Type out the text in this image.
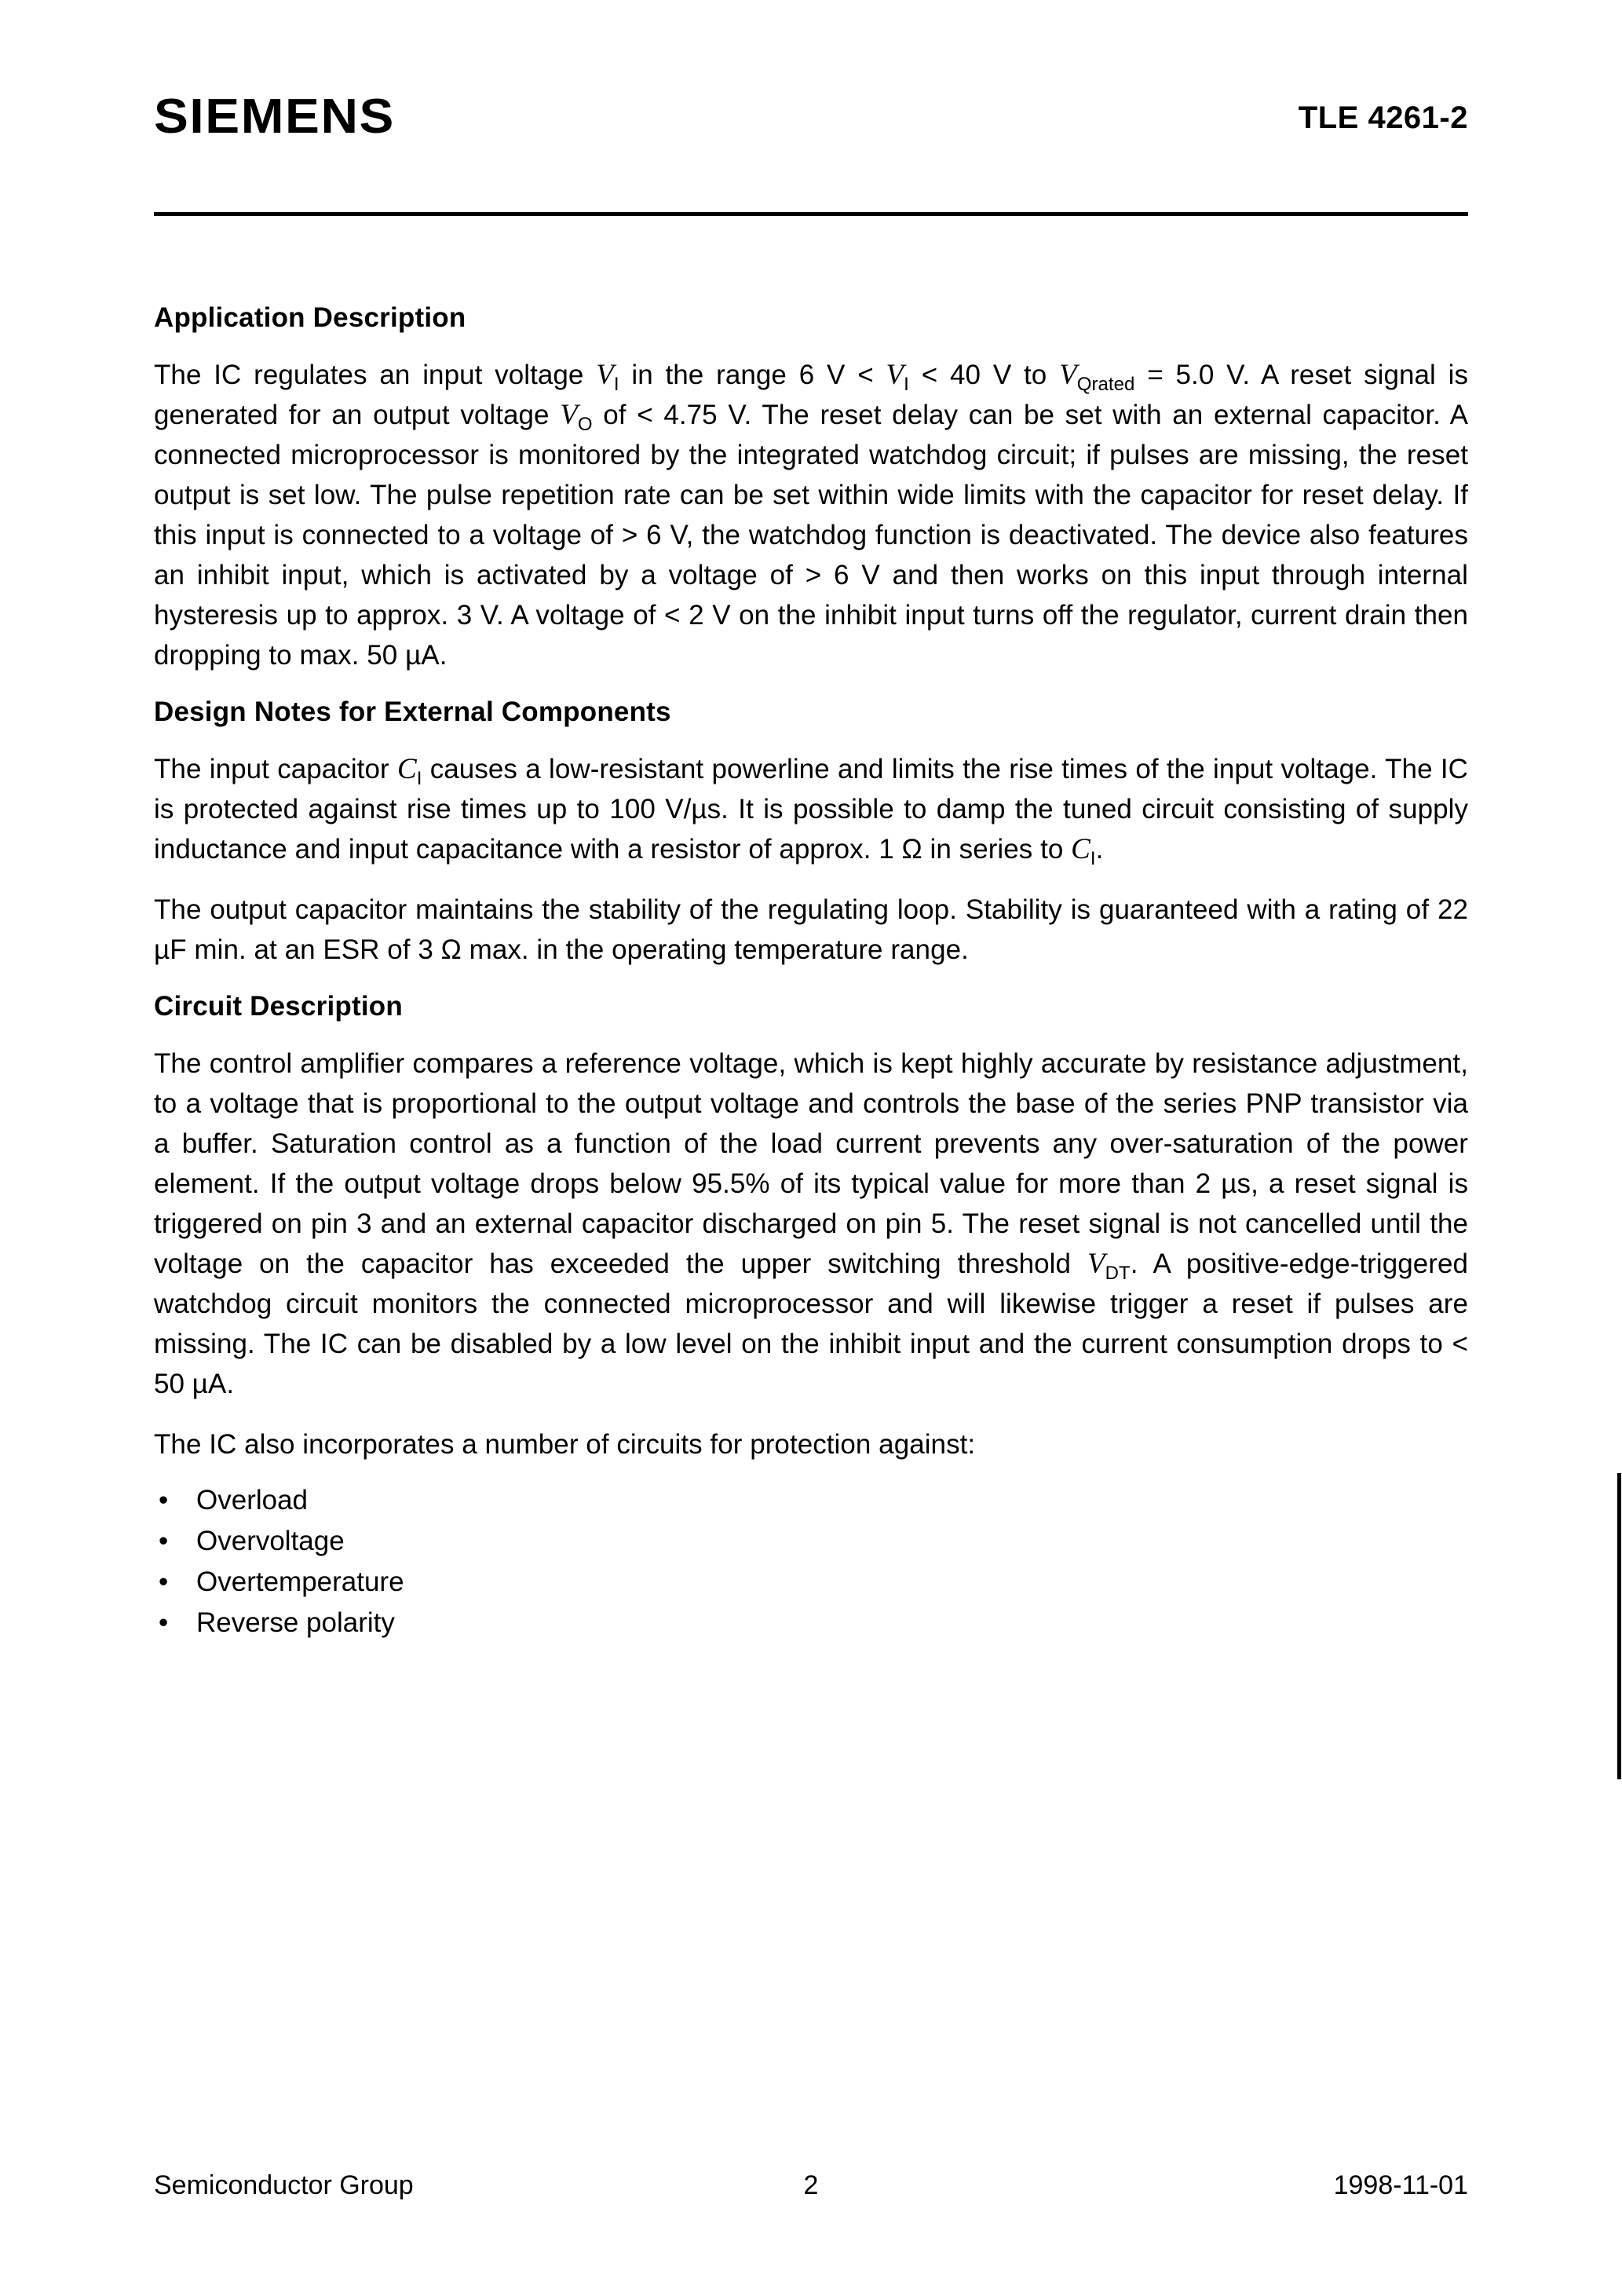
SIEMENS	TLE 4261-2
Application Description

The IC regulates an input voltage $V_I$ in the range 6 $V < V_I < 40$ V to $V_{Qrated} = 5.0$ V. A reset signal is generated for an output voltage $V_O$ of < 4.75 V. The reset delay can be set with an external capacitor. A connected microprocessor is monitored by the integrated watchdog circuit; if pulses are missing, the reset output is set low. The pulse repetition rate can be set within wide limits with the capacitor for reset delay. If this input is connected to a voltage of > 6 V, the watchdog function is deactivated. The device also features an inhibit input, which is activated by a voltage of > 6 V and then works on this input through internal hysteresis up to approx. 3 V. A voltage of < 2 V on the inhibit input turns off the regulator, current drain then dropping to max. 50 µA.

Design Notes for External Components

The input capacitor $C_I$ causes a low-resistant powerline and limits the rise times of the input voltage. The IC is protected against rise times up to 100 V/µs. It is possible to damp the tuned circuit consisting of supply inductance and input capacitance with a resistor of approx. 1 Ω in series to $C_I$.

The output capacitor maintains the stability of the regulating loop. Stability is guaranteed with a rating of 22 µF min. at an ESR of 3 Ω max. in the operating temperature range.

Circuit Description

The control amplifier compares a reference voltage, which is kept highly accurate by resistance adjustment, to a voltage that is proportional to the output voltage and controls the base of the series PNP transistor via a buffer. Saturation control as a function of the load current prevents any over-saturation of the power element. If the output voltage drops below 95.5% of its typical value for more than 2 µs, a reset signal is triggered on pin 3 and an external capacitor discharged on pin 5. The reset signal is not cancelled until the voltage on the capacitor has exceeded the upper switching threshold $V_{DT}$. A positive-edge-triggered watchdog circuit monitors the connected microprocessor and will likewise trigger a reset if pulses are missing. The IC can be disabled by a low level on the inhibit input and the current consumption drops to < 50 µA.

The IC also incorporates a number of circuits for protection against:

• Overload
• Overvoltage
• Overtemperature
• Reverse polarity
Semiconductor Group	2	1998-11-01
